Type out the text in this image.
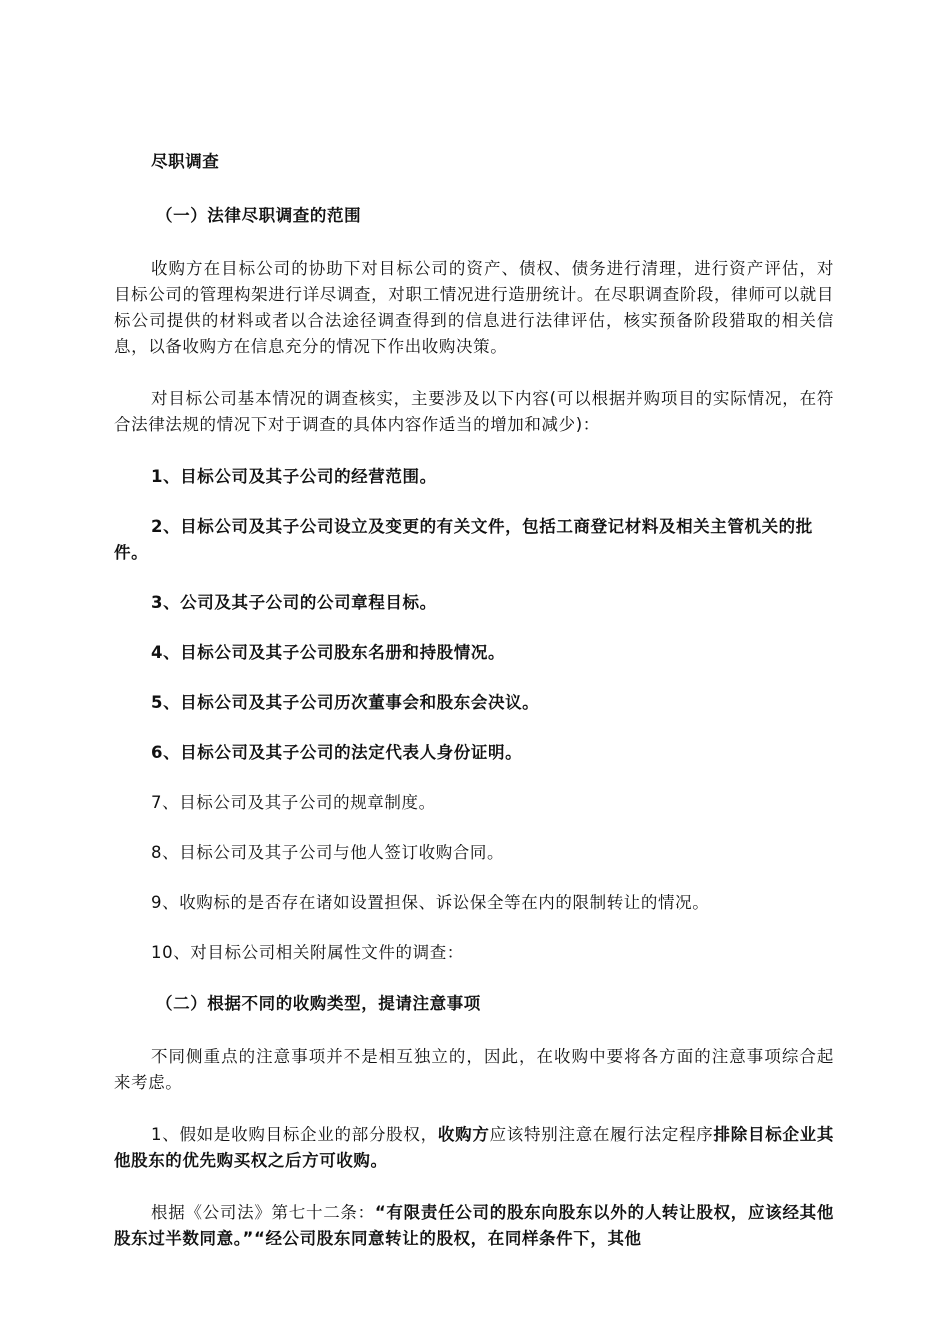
尽职调查
（一）法律尽职调查的范围

收购方在目标公司的协助下对目标公司的资产、债权、债务进行清理，进行资产评估，对目标公司的管理构架进行详尽调查，对职工情况进行造册统计。在尽职调查阶段，律师可以就目标公司提供的材料或者以合法途径调查得到的信息进行法律评估，核实预备阶段猎取的相关信息，以备收购方在信息充分的情况下作出收购决策。

对目标公司基本情况的调查核实，主要涉及以下内容(可以根据并购项目的实际情况，在符合法律法规的情况下对于调查的具体内容作适当的增加和减少)：

1、目标公司及其子公司的经营范围。
2、目标公司及其子公司设立及变更的有关文件，包括工商登记材料及相关主管机关的批件。
3、公司及其子公司的公司章程目标。
4、目标公司及其子公司股东名册和持股情况。
5、目标公司及其子公司历次董事会和股东会决议。
6、目标公司及其子公司的法定代表人身份证明。
7、目标公司及其子公司的规章制度。
8、目标公司及其子公司与他人签订收购合同。
9、收购标的是否存在诸如设置担保、诉讼保全等在内的限制转让的情况。
10、对目标公司相关附属性文件的调查：
（二）根据不同的收购类型，提请注意事项

不同侧重点的注意事项并不是相互独立的，因此，在收购中要将各方面的注意事项综合起来考虑。

1、假如是收购目标企业的部分股权，收购方应该特别注意在履行法定程序排除目标企业其他股东的优先购买权之后方可收购。

根据《公司法》第七十二条：“有限责任公司的股东向股东以外的人转让股权，应该经其他股东过半数同意。”“经公司股东同意转让的股权，在同样条件下，其他
